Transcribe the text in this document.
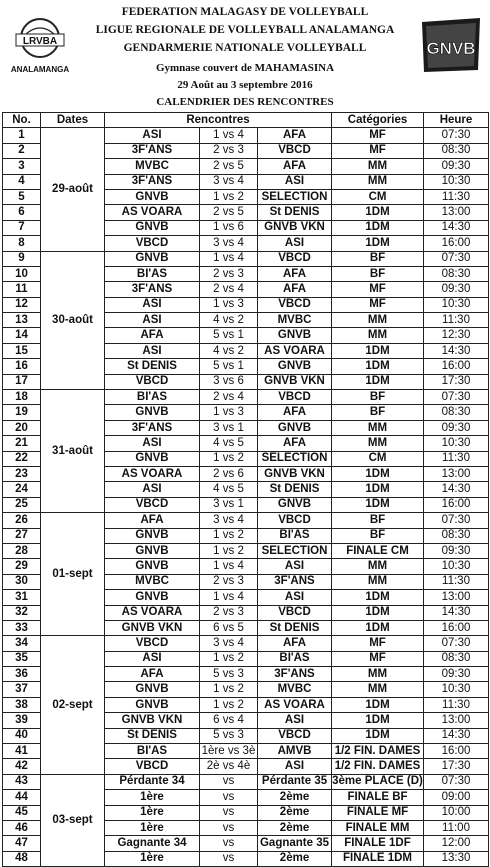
LRVBA
ANALAMANGA
FEDERATION MALAGASY DE VOLLEYBALL
LIGUE REGIONALE DE VOLLEYBALL ANALAMANGA
GENDARMERIE NATIONALE VOLLEYBALL
Gymnase couvert de MAHAMASINA
29 Août au 3 septembre 2016
CALENDRIER DES RENCONTRES
GNVB
No.	Dates	Rencontres			Catégories	Heure
1	29-août	ASI	1 vs 4	AFA	MF	07:30
2		3F'ANS	2 vs 3	VBCD	MF	08:30
3		MVBC	2 vs 5	AFA	MM	09:30
4		3F'ANS	3 vs 4	ASI	MM	10:30
5		GNVB	1 vs 2	SELECTION	CM	11:30
6		AS VOARA	2 vs 5	St DENIS	1DM	13:00
7		GNVB	1 vs 6	GNVB VKN	1DM	14:30
8		VBCD	3 vs 4	ASI	1DM	16:00
9	30-août	GNVB	1 vs 4	VBCD	BF	07:30
10		BI'AS	2 vs 3	AFA	BF	08:30
11		3F'ANS	2 vs 4	AFA	MF	09:30
12		ASI	1 vs 3	VBCD	MF	10:30
13		ASI	4 vs 2	MVBC	MM	11:30
14		AFA	5 vs 1	GNVB	MM	12:30
15		ASI	4 vs 2	AS VOARA	1DM	14:30
16		St DENIS	5 vs 1	GNVB	1DM	16:00
17		VBCD	3 vs 6	GNVB VKN	1DM	17:30
18	31-août	BI'AS	2 vs 4	VBCD	BF	07:30
19		GNVB	1 vs 3	AFA	BF	08:30
20		3F'ANS	3 vs 1	GNVB	MM	09:30
21		ASI	4 vs 5	AFA	MM	10:30
22		GNVB	1 vs 2	SELECTION	CM	11:30
23		AS VOARA	2 vs 6	GNVB VKN	1DM	13:00
24		ASI	4 vs 5	St DENIS	1DM	14:30
25		VBCD	3 vs 1	GNVB	1DM	16:00
26	01-sept	AFA	3 vs 4	VBCD	BF	07:30
27		GNVB	1 vs 2	BI'AS	BF	08:30
28		GNVB	1 vs 2	SELECTION	FINALE CM	09:30
29		GNVB	1 vs 4	ASI	MM	10:30
30		MVBC	2 vs 3	3F'ANS	MM	11:30
31		GNVB	1 vs 4	ASI	1DM	13:00
32		AS VOARA	2 vs 3	VBCD	1DM	14:30
33		GNVB VKN	6 vs 5	St DENIS	1DM	16:00
34	02-sept	VBCD	3 vs 4	AFA	MF	07:30
35		ASI	1 vs 2	BI'AS	MF	08:30
36		AFA	5 vs 3	3F'ANS	MM	09:30
37		GNVB	1 vs 2	MVBC	MM	10:30
38		GNVB	1 vs 2	AS VOARA	1DM	11:30
39		GNVB VKN	6 vs 4	ASI	1DM	13:00
40		St DENIS	5 vs 3	VBCD	1DM	14:30
41		BI'AS	1ère vs 3è	AMVB	1/2 FIN. DAMES	16:00
42		VBCD	2è vs 4è	ASI	1/2 FIN. DAMES	17:30
43	03-sept	Pérdante 34	vs	Pérdante 35	3ème PLACE (D)	07:30
44		1ère	vs	2ème	FINALE BF	09:00
45		1ère	vs	2ème	FINALE MF	10:00
46		1ère	vs	2ème	FINALE MM	11:00
47		Gagnante 34	vs	Gagnante 35	FINALE 1DF	12:00
48		1ère	vs	2ème	FINALE 1DM	13:30
